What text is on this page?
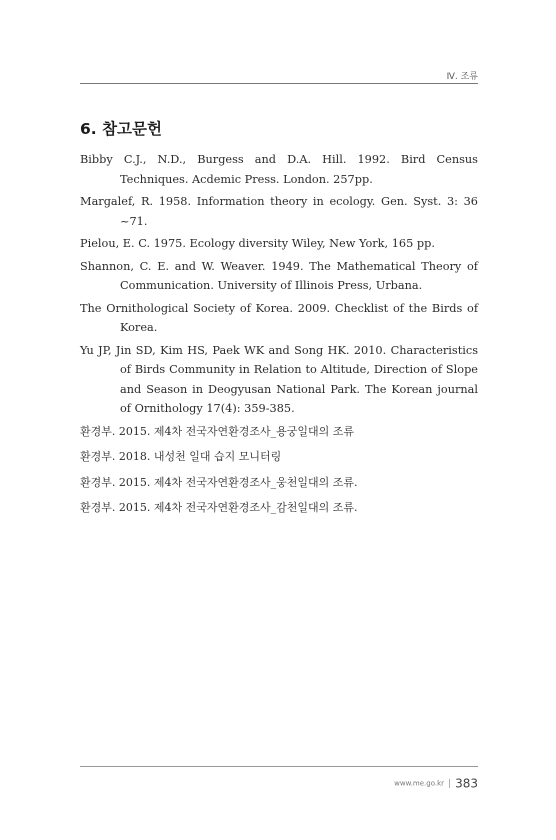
Ⅳ. 조류
6. 참고문헌

Bibby C.J., N.D., Burgess and D.A. Hill. 1992. Bird Census Techniques. Acdemic Press. London. 257pp.

Margalef, R. 1958. Information theory in ecology. Gen. Syst. 3: 36 ~71.

Pielou, E. C. 1975. Ecology diversity Wiley, New York, 165 pp.

Shannon, C. E. and W. Weaver. 1949. The Mathematical Theory of Communication. University of Illinois Press, Urbana.

The Ornithological Society of Korea. 2009. Checklist of the Birds of Korea.

Yu JP, Jin SD, Kim HS, Paek WK and Song HK. 2010. Characteristics of Birds Community in Relation to Altitude, Direction of Slope and Season in Deogyusan National Park. The Korean journal of Ornithology 17(4): 359-385.

환경부. 2015. 제4차 전국자연환경조사_용궁일대의 조류

환경부. 2018. 내성천 일대 습지 모니터링

환경부. 2015. 제4차 전국자연환경조사_웅천일대의 조류.

환경부. 2015. 제4차 전국자연환경조사_감천일대의 조류.

www.me.go.kr | 383
